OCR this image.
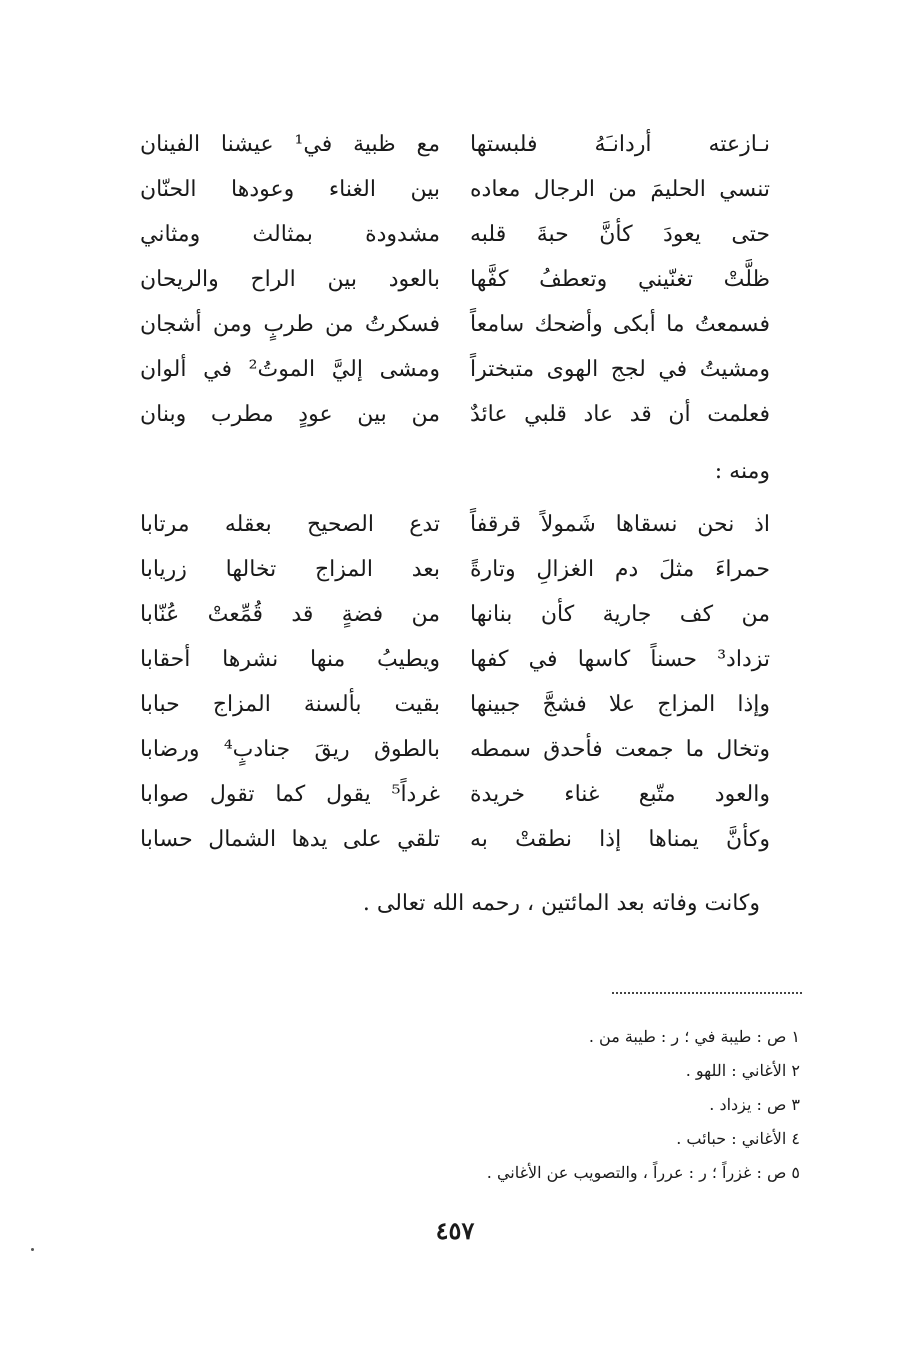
نـازعته أردانـَهُ فلبستها
مع ظبية في¹ عيشنا الفينان
تنسي الحليمَ من الرجال معاده
بين الغناء وعودها الحنّان
حتى يعودَ كأنَّ حبةَ قلبه
مشدودة بمثالث ومثاني
ظلَّتْ تغنّيني وتعطفُ كفَّها
بالعود بين الراح والريحان
فسمعتُ ما أبكى وأضحك سامعاً
فسكرتُ من طربٍ ومن أشجان
ومشيتُ في لجج الهوى متبختراً
ومشى إليَّ الموتُ² في ألوان
فعلمت أن قد عاد قلبي عائدٌ
من بين عودٍ مطرب وبنان
ومنه :
اذ نحن نسقاها شَمولاً قرقفاً
تدع الصحيح بعقله مرتابا
حمراءَ مثلَ دم الغزالِ وتارةً
بعد المزاج تخالها زريابا
من كف جارية كأن بنانها
من فضةٍ قد قُمِّعتْ عُنّابا
تزداد³ حسناً كاسها في كفها
ويطيبُ منها نشرها أحقابا
وإذا المزاج علا فشجَّ جبينها
بقيت بألسنة المزاج حبابا
وتخال ما جمعت فأحدق سمطه
بالطوق ريقَ جنادبٍ⁴ ورضابا
والعود متّبع غناء خريدة
غرداً⁵ يقول كما تقول صوابا
وكأنَّ يمناها إذا نطقتْ به
تلقي على يدها الشمال حسابا
وكانت وفاته بعد المائتين ، رحمه الله تعالى .
١ ص : طيبة في ؛ ر : طيبة من .
٢ الأغاني : اللهو .
٣ ص : يزداد .
٤ الأغاني : حبائب .
٥ ص : غزراً ؛ ر : عرراً ، والتصويب عن الأغاني .
٤٥٧
